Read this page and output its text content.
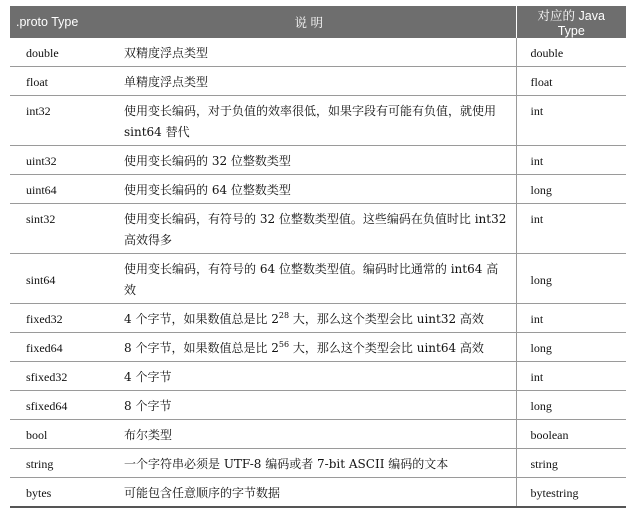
.proto Type	说 明	对应的 Java Type
double	双精度浮点类型	double
float	单精度浮点类型	float
int32	使用变长编码，对于负值的效率很低，如果字段有可能有负值，就使用 sint64 替代	int
uint32	使用变长编码的 32 位整数类型	int
uint64	使用变长编码的 64 位整数类型	long
sint32	使用变长编码，有符号的 32 位整数类型值。这些编码在负值时比 int32 高效得多	int
sint64	使用变长编码，有符号的 64 位整数类型值。编码时比通常的 int64 高效	long
fixed32	4 个字节，如果数值总是比 $2^{28}$ 大，那么这个类型会比 uint32 高效	int
fixed64	8 个字节，如果数值总是比 $2^{56}$ 大，那么这个类型会比 uint64 高效	long
sfixed32	4 个字节	int
sfixed64	8 个字节	long
bool	布尔类型	boolean
string	一个字符串必须是 UTF-8 编码或者 7-bit ASCII 编码的文本	string
bytes	可能包含任意顺序的字节数据	bytestring
